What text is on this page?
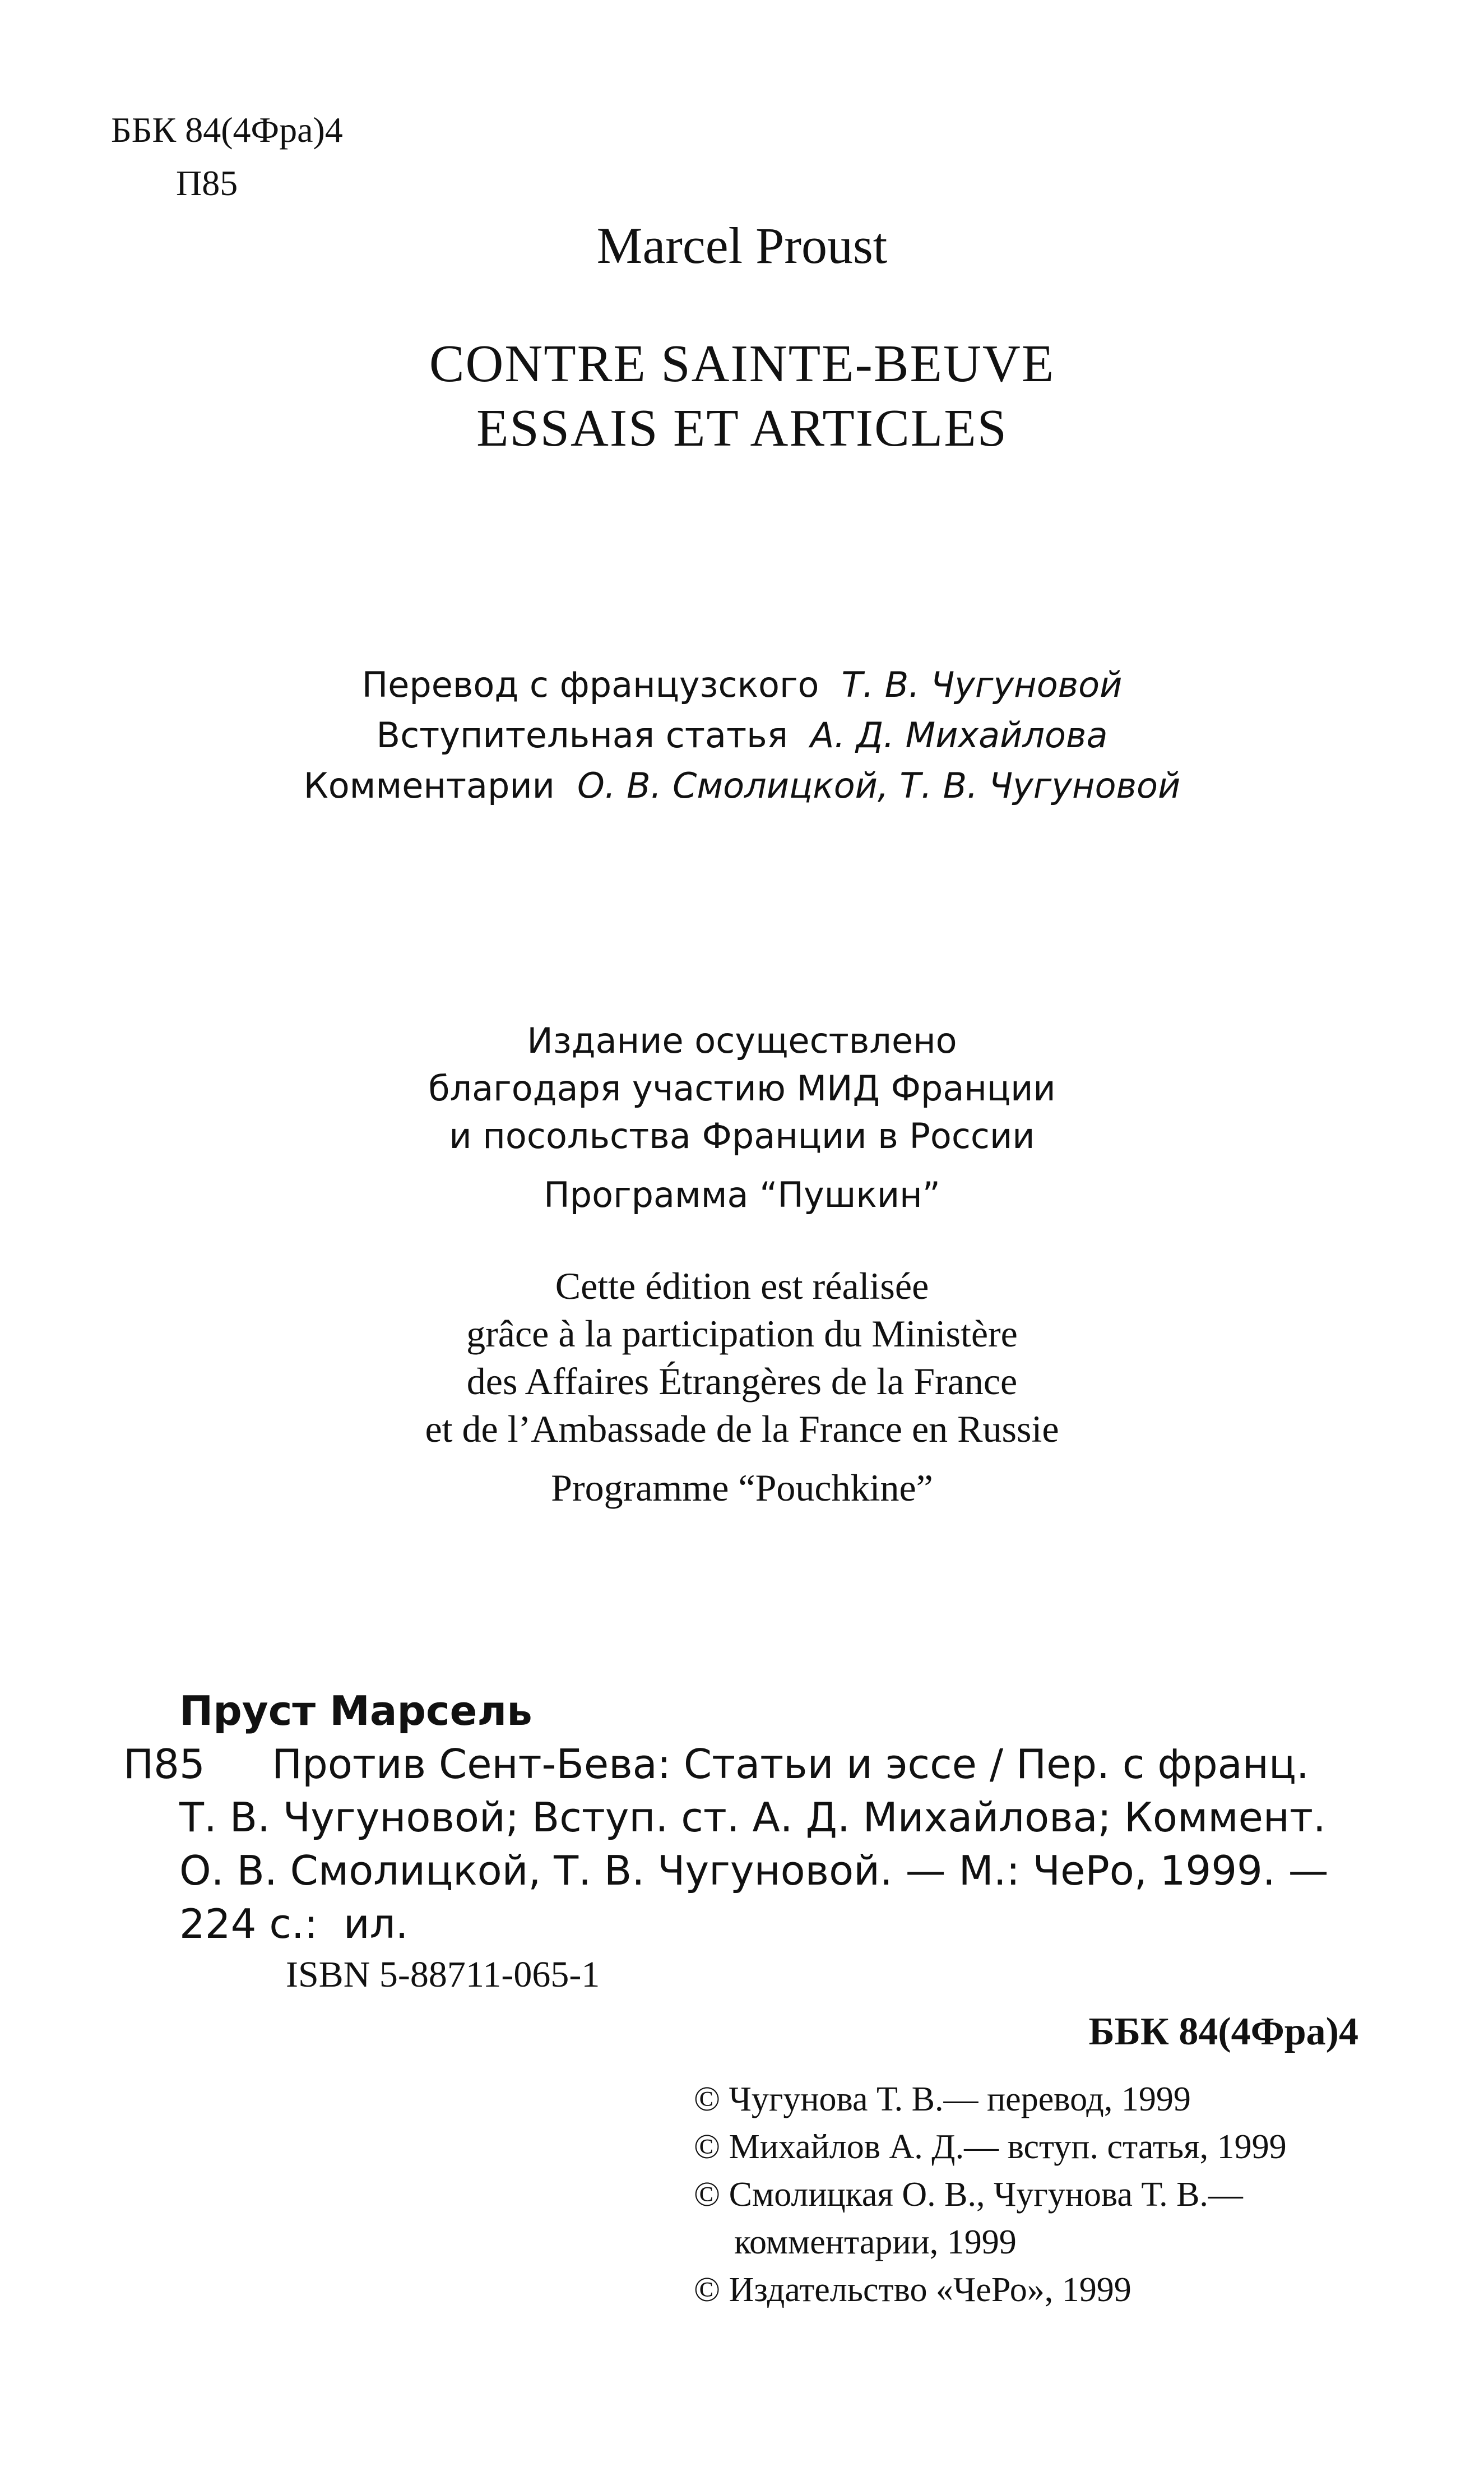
ББК 84(4Фра)4
П85
Marcel Proust
CONTRE SAINTE-BEUVE
ESSAIS ET ARTICLES
Перевод с французского Т. В. Чугуновой
Вступительная статья А. Д. Михайлова
Комментарии О. В. Смолицкой, Т. В. Чугуновой
Издание осуществлено
благодаря участию МИД Франции
и посольства Франции в России
Программа “Пушкин”
Cette édition est réalisée
grâce à la participation du Ministère
des Affaires Étrangères de la France
et de l’Ambassade de la France en Russie
Programme “Pouchkine”
Пруст Марсель
П85 Против Сент-Бева: Статьи и эссе / Пер. с франц.
Т. В. Чугуновой; Вступ. ст. А. Д. Михайлова; Коммент.
О. В. Смолицкой, Т. В. Чугуновой. — М.: ЧеРо, 1999. —
224 с.: ил.
ISBN 5-88711-065-1
ББК 84(4Фра)4
© Чугунова Т. В.— перевод, 1999
© Михайлов А. Д.— вступ. статья, 1999
© Смолицкая О. В., Чугунова Т. В.—
комментарии, 1999
© Издательство «ЧеРо», 1999
